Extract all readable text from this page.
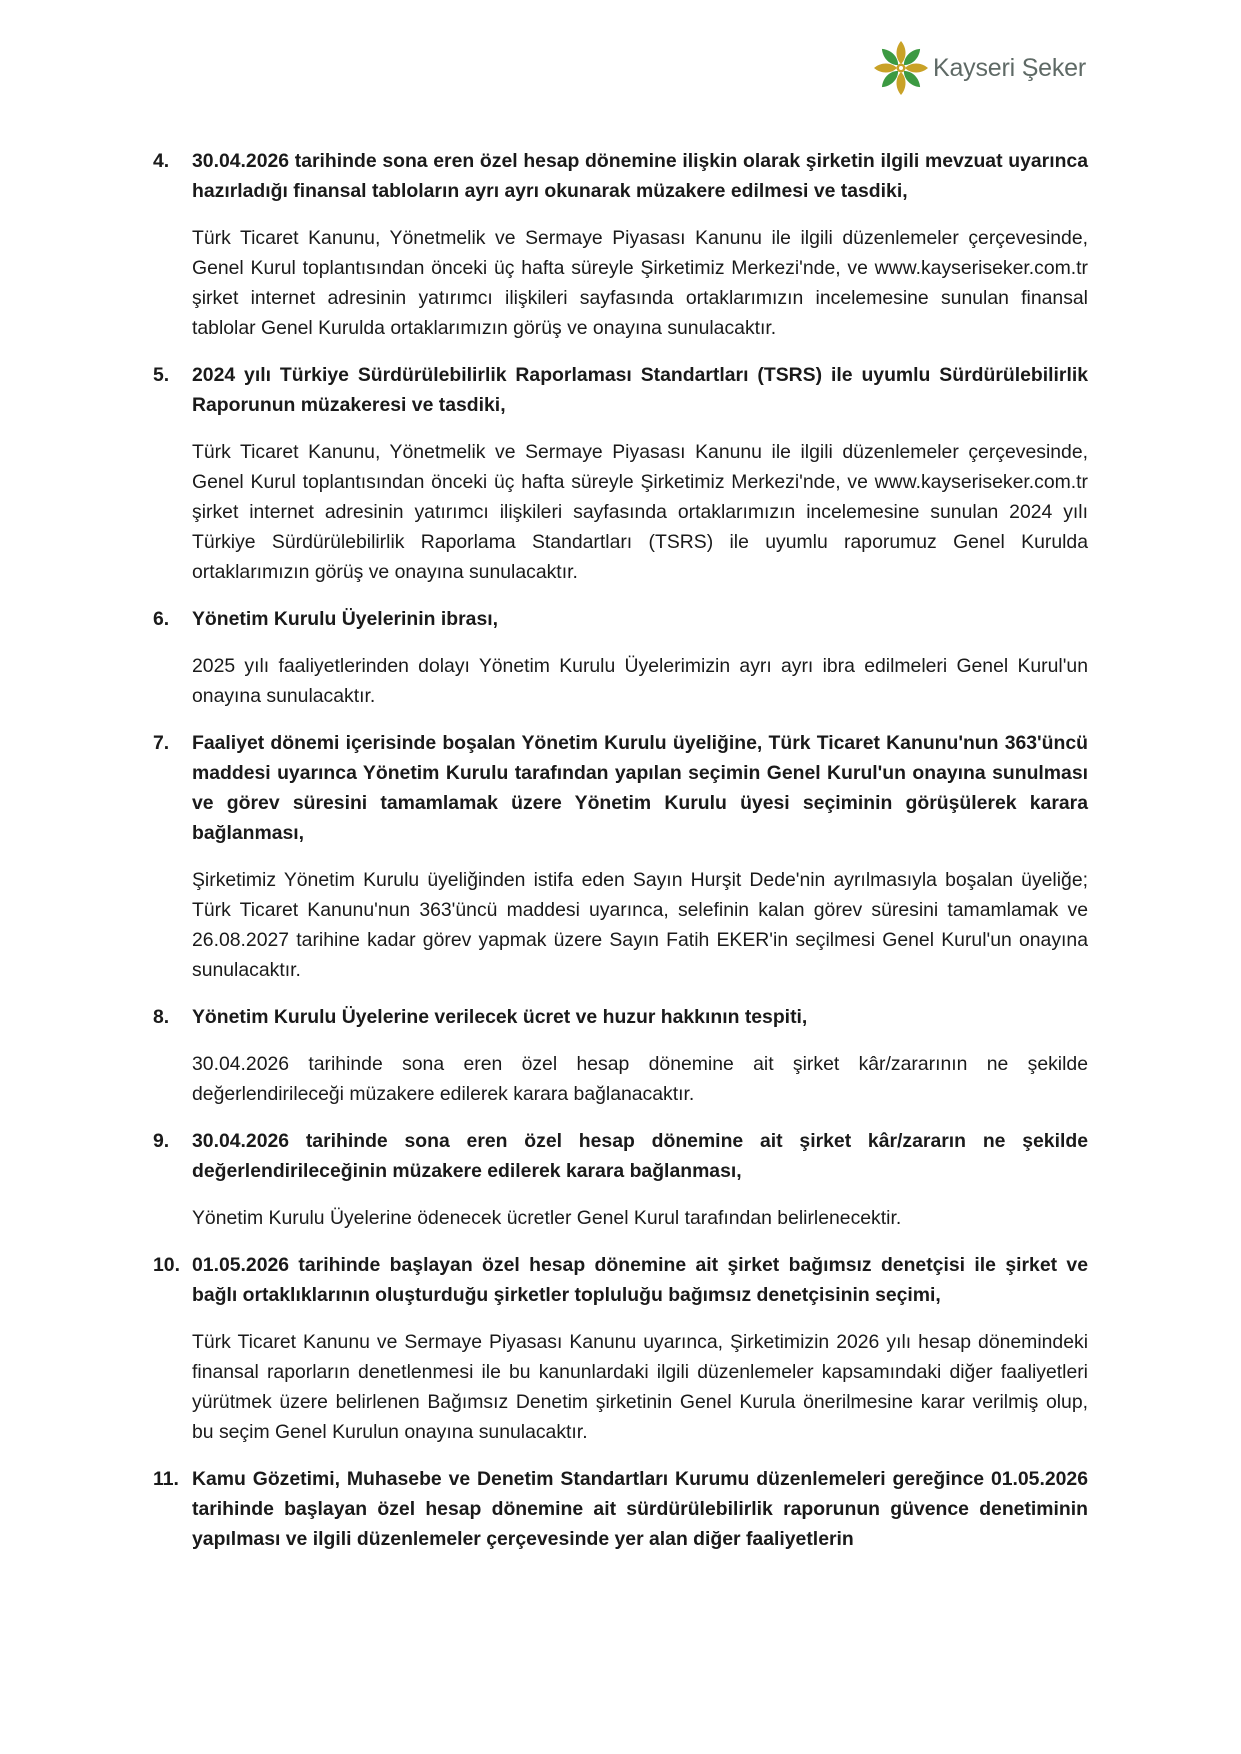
Kayseri Şeker
4.	30.04.2026 tarihinde sona eren özel hesap dönemine ilişkin olarak şirketin ilgili mevzuat uyarınca hazırladığı finansal tabloların ayrı ayrı okunarak müzakere edilmesi ve tasdiki,
Türk Ticaret Kanunu, Yönetmelik ve Sermaye Piyasası Kanunu ile ilgili düzenlemeler çerçevesinde, Genel Kurul toplantısından önceki üç hafta süreyle Şirketimiz Merkezi'nde, ve www.kayseriseker.com.tr şirket internet adresinin yatırımcı ilişkileri sayfasında ortaklarımızın incelemesine sunulan finansal tablolar Genel Kurulda ortaklarımızın görüş ve onayına sunulacaktır.
5.	2024 yılı Türkiye Sürdürülebilirlik Raporlaması Standartları (TSRS) ile uyumlu Sürdürülebilirlik Raporunun müzakeresi ve tasdiki,
Türk Ticaret Kanunu, Yönetmelik ve Sermaye Piyasası Kanunu ile ilgili düzenlemeler çerçevesinde, Genel Kurul toplantısından önceki üç hafta süreyle Şirketimiz Merkezi'nde, ve www.kayseriseker.com.tr şirket internet adresinin yatırımcı ilişkileri sayfasında ortaklarımızın incelemesine sunulan 2024 yılı Türkiye Sürdürülebilirlik Raporlama Standartları (TSRS) ile uyumlu raporumuz Genel Kurulda ortaklarımızın görüş ve onayına sunulacaktır.
6.	Yönetim Kurulu Üyelerinin ibrası,
2025 yılı faaliyetlerinden dolayı Yönetim Kurulu Üyelerimizin ayrı ayrı ibra edilmeleri Genel Kurul'un onayına sunulacaktır.
7.	Faaliyet dönemi içerisinde boşalan Yönetim Kurulu üyeliğine, Türk Ticaret Kanunu'nun 363'üncü maddesi uyarınca Yönetim Kurulu tarafından yapılan seçimin Genel Kurul'un onayına sunulması ve görev süresini tamamlamak üzere Yönetim Kurulu üyesi seçiminin görüşülerek karara bağlanması,
Şirketimiz Yönetim Kurulu üyeliğinden istifa eden Sayın Hurşit Dede'nin ayrılmasıyla boşalan üyeliğe; Türk Ticaret Kanunu'nun 363'üncü maddesi uyarınca, selefinin kalan görev süresini tamamlamak ve 26.08.2027 tarihine kadar görev yapmak üzere Sayın Fatih EKER'in seçilmesi Genel Kurul'un onayına sunulacaktır.
8.	Yönetim Kurulu Üyelerine verilecek ücret ve huzur hakkının tespiti,
30.04.2026 tarihinde sona eren özel hesap dönemine ait şirket kâr/zararının ne şekilde değerlendirileceği müzakere edilerek karara bağlanacaktır.
9.	30.04.2026 tarihinde sona eren özel hesap dönemine ait şirket kâr/zararın ne şekilde değerlendirileceğinin müzakere edilerek karara bağlanması,
Yönetim Kurulu Üyelerine ödenecek ücretler Genel Kurul tarafından belirlenecektir.
10. 01.05.2026 tarihinde başlayan özel hesap dönemine ait şirket bağımsız denetçisi ile şirket ve bağlı ortaklıklarının oluşturduğu şirketler topluluğu bağımsız denetçisinin seçimi,
Türk Ticaret Kanunu ve Sermaye Piyasası Kanunu uyarınca, Şirketimizin 2026 yılı hesap dönemindeki finansal raporların denetlenmesi ile bu kanunlardaki ilgili düzenlemeler kapsamındaki diğer faaliyetleri yürütmek üzere belirlenen Bağımsız Denetim şirketinin Genel Kurula önerilmesine karar verilmiş olup, bu seçim Genel Kurulun onayına sunulacaktır.
11. Kamu Gözetimi, Muhasebe ve Denetim Standartları Kurumu düzenlemeleri gereğince 01.05.2026 tarihinde başlayan özel hesap dönemine ait sürdürülebilirlik raporunun güvence denetiminin yapılması ve ilgili düzenlemeler çerçevesinde yer alan diğer faaliyetlerin
